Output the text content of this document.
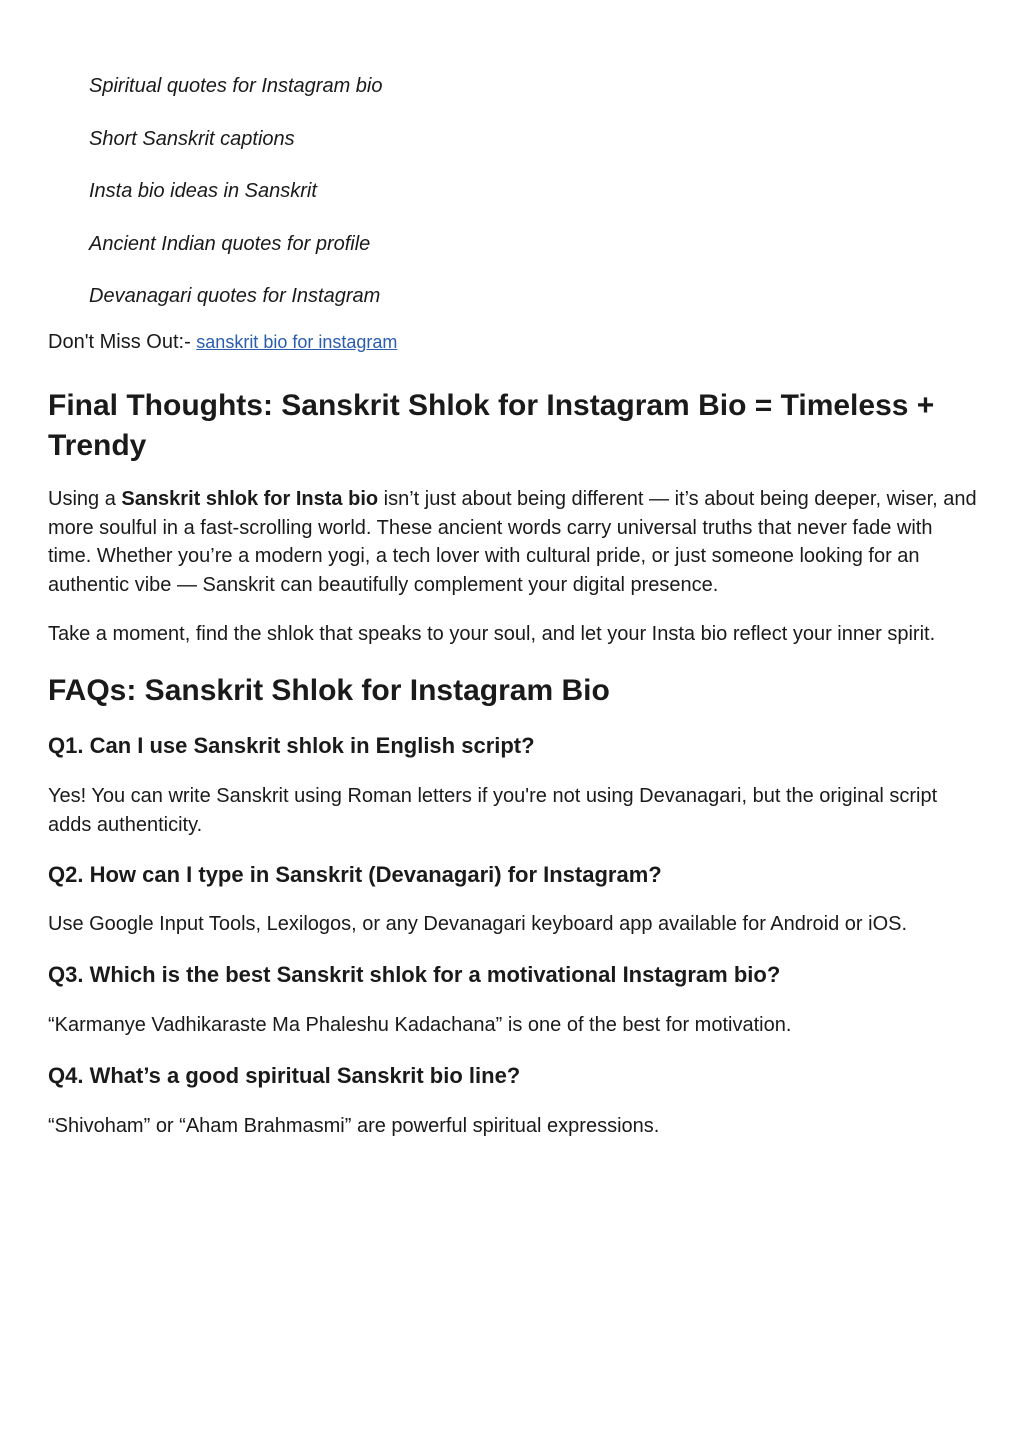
Spiritual quotes for Instagram bio
Short Sanskrit captions
Insta bio ideas in Sanskrit
Ancient Indian quotes for profile
Devanagari quotes for Instagram
Don't Miss Out:- sanskrit bio for instagram
Final Thoughts: Sanskrit Shlok for Instagram Bio = Timeless + Trendy

Using a Sanskrit shlok for Insta bio isn’t just about being different — it’s about being deeper, wiser, and more soulful in a fast-scrolling world. These ancient words carry universal truths that never fade with time. Whether you’re a modern yogi, a tech lover with cultural pride, or just someone looking for an authentic vibe — Sanskrit can beautifully complement your digital presence.

Take a moment, find the shlok that speaks to your soul, and let your Insta bio reflect your inner spirit.

FAQs: Sanskrit Shlok for Instagram Bio
Q1. Can I use Sanskrit shlok in English script?

Yes! You can write Sanskrit using Roman letters if you're not using Devanagari, but the original script adds authenticity.

Q2. How can I type in Sanskrit (Devanagari) for Instagram?

Use Google Input Tools, Lexilogos, or any Devanagari keyboard app available for Android or iOS.

Q3. Which is the best Sanskrit shlok for a motivational Instagram bio?

“Karmanye Vadhikaraste Ma Phaleshu Kadachana” is one of the best for motivation.

Q4. What’s a good spiritual Sanskrit bio line?

“Shivoham” or “Aham Brahmasmi” are powerful spiritual expressions.
